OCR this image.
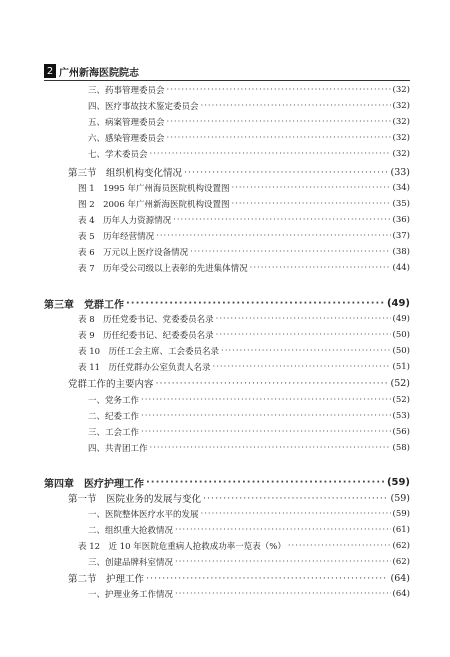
2 广州新海医院院志
三、药事管理委员会 ·····	(32)
四、医疗事故技术鉴定委员会 ·····	(32)
五、病案管理委员会 ·····	(32)
六、感染管理委员会 ·····	(32)
七、学术委员会 ·····	(32)
第三节　组织机构变化情况 ·····	(33)
图 1　1995 年广州海员医院机构设置图 ·····	(34)
图 2　2006 年广州新海医院机构设置图 ·····	(35)
表 4　历年人力资源情况 ·····	(36)
表 5　历年经营情况 ·····	(37)
表 6　万元以上医疗设备情况 ·····	(38)
表 7　历年受公司级以上表彰的先进集体情况 ·····	(44)
第三章　党群工作 ·····	(49)
表 8　历任党委书记、党委委员名录 ·····	(49)
表 9　历任纪委书记、纪委委员名录 ·····	(50)
表 10　历任工会主席、工会委员名录 ·····	(50)
表 11　历任党群办公室负责人名录 ·····	(51)
党群工作的主要内容 ·····	(52)
一、党务工作 ·····	(52)
二、纪委工作 ·····	(53)
三、工会工作 ·····	(56)
四、共青团工作 ·····	(58)
第四章　医疗护理工作 ·····	(59)
第一节　医院业务的发展与变化 ·····	(59)
一、医院整体医疗水平的发展 ·····	(59)
二、组织重大抢救情况 ·····	(61)
表 12　近 10 年医院危重病人抢救成功率一览表（%） ·····	(62)
三、创建品牌科室情况 ·····	(62)
第二节　护理工作 ·····	(64)
一、护理业务工作情况 ·····	(64)
